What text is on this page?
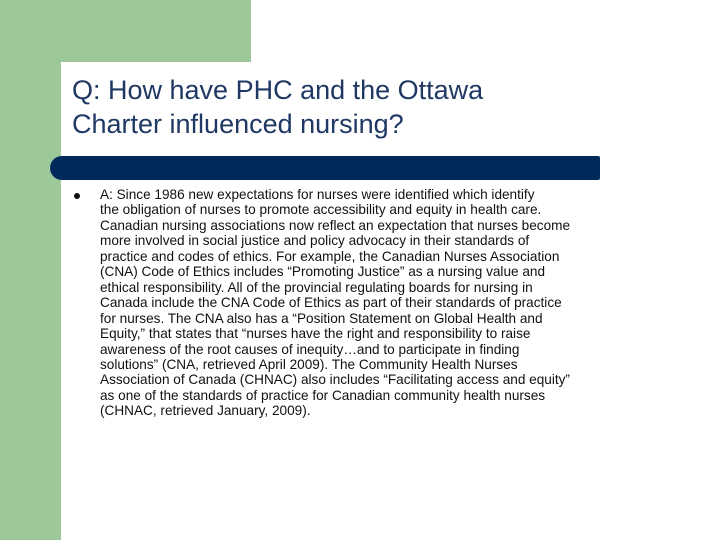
Q: How have PHC and the Ottawa
Charter influenced nursing?
A: Since 1986 new expectations for nurses were identified which identify
the obligation of nurses to promote accessibility and equity in health care.
Canadian nursing associations now reflect an expectation that nurses become
more involved in social justice and policy advocacy in their standards of
practice and codes of ethics. For example, the Canadian Nurses Association
(CNA) Code of Ethics includes “Promoting Justice” as a nursing value and
ethical responsibility. All of the provincial regulating boards for nursing in
Canada include the CNA Code of Ethics as part of their standards of practice
for nurses. The CNA also has a “Position Statement on Global Health and
Equity,” that states that “nurses have the right and responsibility to raise
awareness of the root causes of inequity…and to participate in finding
solutions” (CNA, retrieved April 2009). The Community Health Nurses
Association of Canada (CHNAC) also includes “Facilitating access and equity”
as one of the standards of practice for Canadian community health nurses
(CHNAC, retrieved January, 2009).
